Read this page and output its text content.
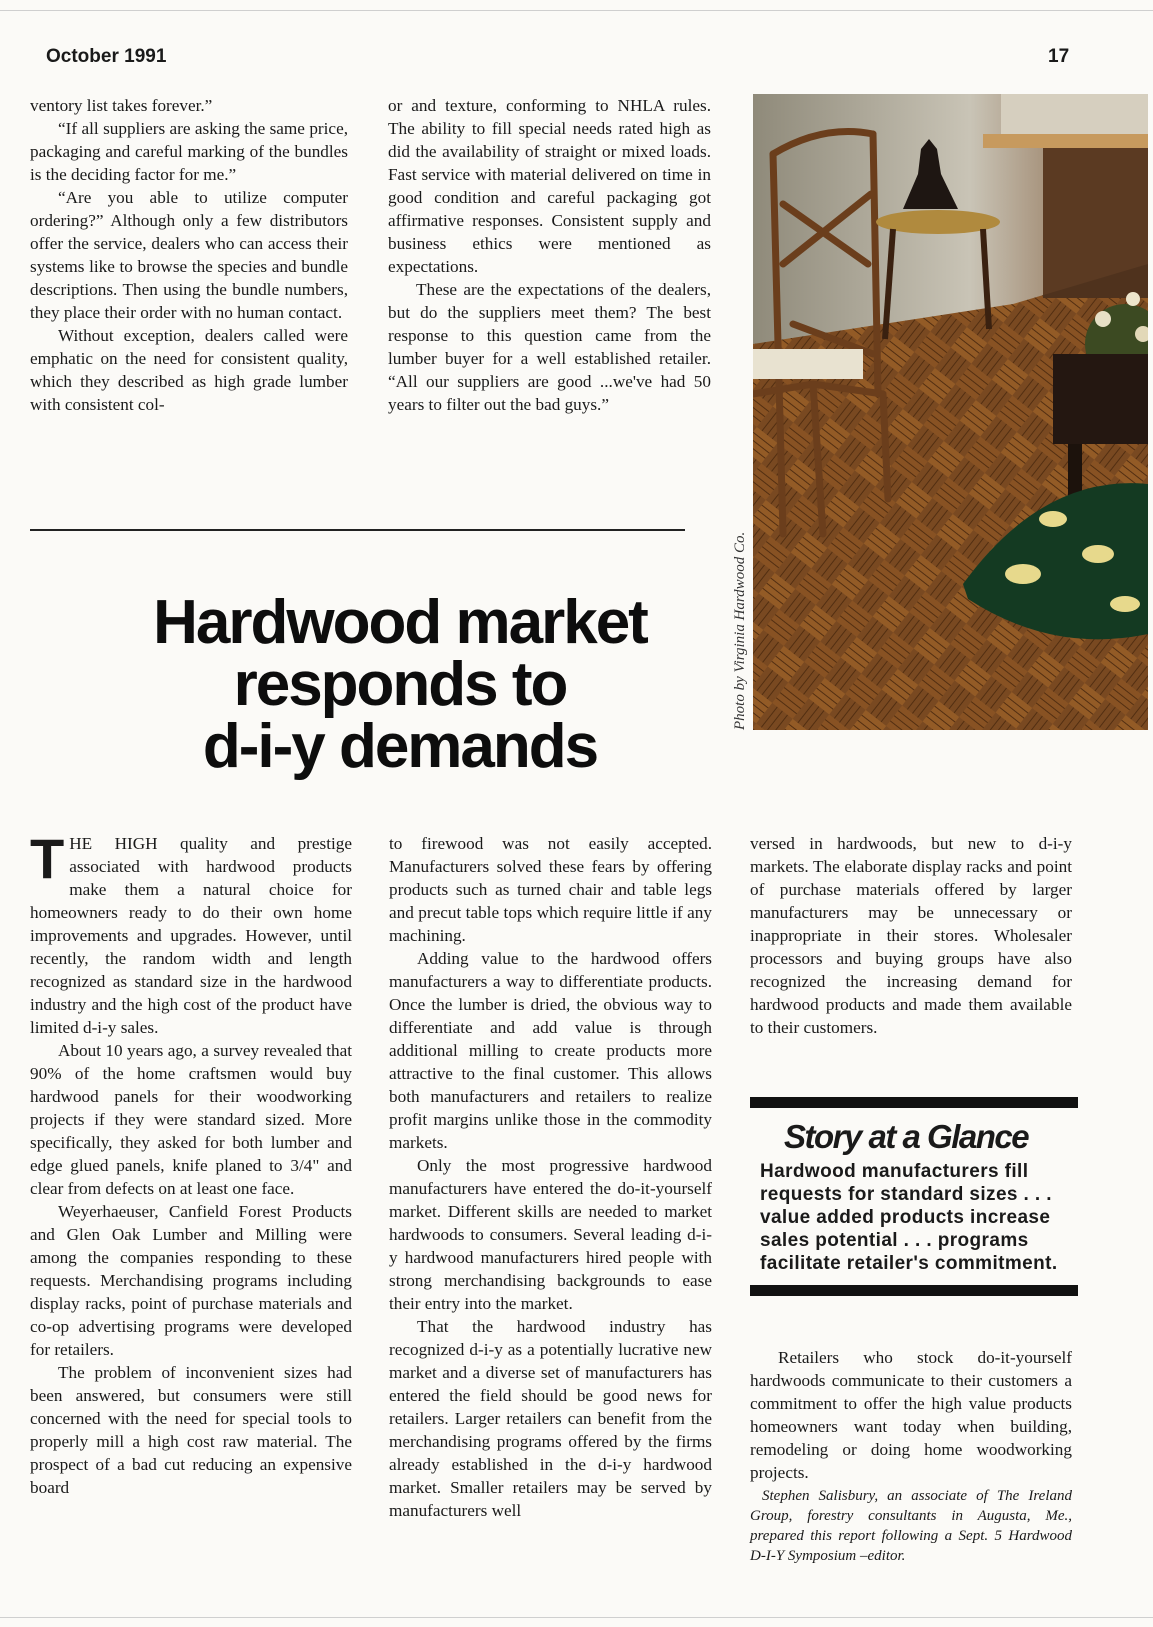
October 1991	17

ventory list takes forever.”

“If all suppliers are asking the same price, packaging and careful marking of the bundles is the deciding factor for me.”

“Are you able to utilize computer ordering?” Although only a few distributors offer the service, dealers who can access their systems like to browse the species and bundle descriptions. Then using the bundle numbers, they place their order with no human contact.

Without exception, dealers called were emphatic on the need for consistent quality, which they described as high grade lumber with consistent col-

or and texture, conforming to NHLA rules. The ability to fill special needs rated high as did the availability of straight or mixed loads. Fast service with material delivered on time in good condition and careful packaging got affirmative responses. Consistent supply and business ethics were mentioned as expectations.

These are the expectations of the dealers, but do the suppliers meet them? The best response to this question came from the lumber buyer for a well established retailer. “All our suppliers are good ...we've had 50 years to filter out the bad guys.”

Photo by Virginia Hardwood Co.
Hardwood market
responds to
d-i-y demands

THE HIGH quality and prestige associated with hardwood products make them a natural choice for homeowners ready to do their own home improvements and upgrades. However, until recently, the random width and length recognized as standard size in the hardwood industry and the high cost of the product have limited d-i-y sales.

About 10 years ago, a survey revealed that 90% of the home craftsmen would buy hardwood panels for their woodworking projects if they were standard sized. More specifically, they asked for both lumber and edge glued panels, knife planed to 3/4" and clear from defects on at least one face.

Weyerhaeuser, Canfield Forest Products and Glen Oak Lumber and Milling were among the companies responding to these requests. Merchandising programs including display racks, point of purchase materials and co-op advertising programs were developed for retailers.

The problem of inconvenient sizes had been answered, but consumers were still concerned with the need for special tools to properly mill a high cost raw material. The prospect of a bad cut reducing an expensive board

to firewood was not easily accepted. Manufacturers solved these fears by offering products such as turned chair and table legs and precut table tops which require little if any machining.

Adding value to the hardwood offers manufacturers a way to differentiate products. Once the lumber is dried, the obvious way to differentiate and add value is through additional milling to create products more attractive to the final customer. This allows both manufacturers and retailers to realize profit margins unlike those in the commodity markets.

Only the most progressive hardwood manufacturers have entered the do-it-yourself market. Different skills are needed to market hardwoods to consumers. Several leading d-i-y hardwood manufacturers hired people with strong merchandising backgrounds to ease their entry into the market.

That the hardwood industry has recognized d-i-y as a potentially lucrative new market and a diverse set of manufacturers has entered the field should be good news for retailers. Larger retailers can benefit from the merchandising programs offered by the firms already established in the d-i-y hardwood market. Smaller retailers may be served by manufacturers well

versed in hardwoods, but new to d-i-y markets. The elaborate display racks and point of purchase materials offered by larger manufacturers may be unnecessary or inappropriate in their stores. Wholesaler processors and buying groups have also recognized the increasing demand for hardwood products and made them available to their customers.

Story at a Glance
Hardwood manufacturers fill requests for standard sizes . . . value added products increase sales potential . . . programs facilitate retailer's commitment.

Retailers who stock do-it-yourself hardwoods communicate to their customers a commitment to offer the high value products homeowners want today when building, remodeling or doing home woodworking projects.

Stephen Salisbury, an associate of The Ireland Group, forestry consultants in Augusta, Me., prepared this report following a Sept. 5 Hardwood D-I-Y Symposium –editor.
